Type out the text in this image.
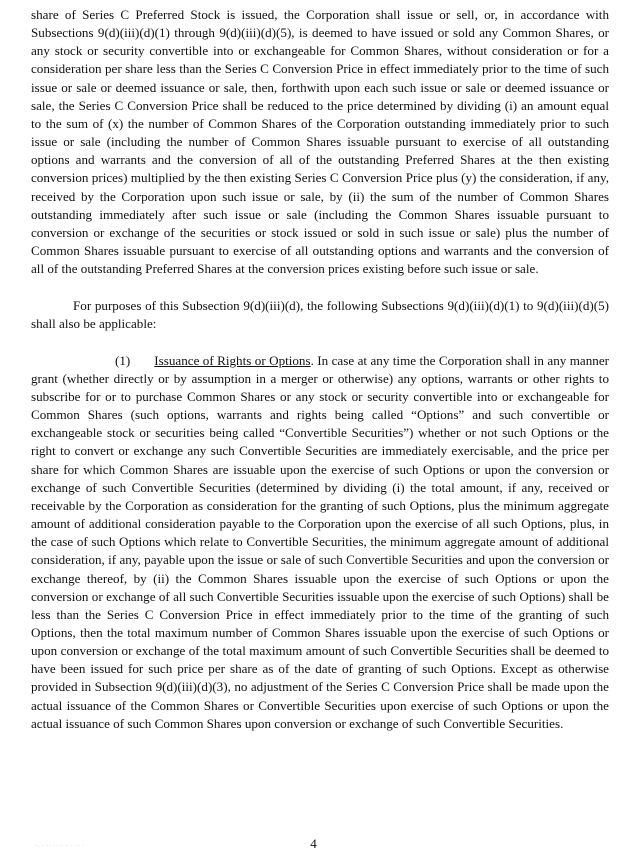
share of Series C Preferred Stock is issued, the Corporation shall issue or sell, or, in accordance with Subsections 9(d)(iii)(d)(1) through 9(d)(iii)(d)(5), is deemed to have issued or sold any Common Shares, or any stock or security convertible into or exchangeable for Common Shares, without consideration or for a consideration per share less than the Series C Conversion Price in effect immediately prior to the time of such issue or sale or deemed issuance or sale, then, forthwith upon each such issue or sale or deemed issuance or sale, the Series C Conversion Price shall be reduced to the price determined by dividing (i) an amount equal to the sum of (x) the number of Common Shares of the Corporation outstanding immediately prior to such issue or sale (including the number of Common Shares issuable pursuant to exercise of all outstanding options and warrants and the conversion of all of the outstanding Preferred Shares at the then existing conversion prices) multiplied by the then existing Series C Conversion Price plus (y) the consideration, if any, received by the Corporation upon such issue or sale, by (ii) the sum of the number of Common Shares outstanding immediately after such issue or sale (including the Common Shares issuable pursuant to conversion or exchange of the securities or stock issued or sold in such issue or sale) plus the number of Common Shares issuable pursuant to exercise of all outstanding options and warrants and the conversion of all of the outstanding Preferred Shares at the conversion prices existing before such issue or sale.

For purposes of this Subsection 9(d)(iii)(d), the following Subsections 9(d)(iii)(d)(1) to 9(d)(iii)(d)(5) shall also be applicable:

(1) Issuance of Rights or Options. In case at any time the Corporation shall in any manner grant (whether directly or by assumption in a merger or otherwise) any options, warrants or other rights to subscribe for or to purchase Common Shares or any stock or security convertible into or exchangeable for Common Shares (such options, warrants and rights being called “Options” and such convertible or exchangeable stock or securities being called “Convertible Securities”) whether or not such Options or the right to convert or exchange any such Convertible Securities are immediately exercisable, and the price per share for which Common Shares are issuable upon the exercise of such Options or upon the conversion or exchange of such Convertible Securities (determined by dividing (i) the total amount, if any, received or receivable by the Corporation as consideration for the granting of such Options, plus the minimum aggregate amount of additional consideration payable to the Corporation upon the exercise of all such Options, plus, in the case of such Options which relate to Convertible Securities, the minimum aggregate amount of additional consideration, if any, payable upon the issue or sale of such Convertible Securities and upon the conversion or exchange thereof, by (ii) the Common Shares issuable upon the exercise of such Options or upon the conversion or exchange of all such Convertible Securities issuable upon the exercise of such Options) shall be less than the Series C Conversion Price in effect immediately prior to the time of the granting of such Options, then the total maximum number of Common Shares issuable upon the exercise of such Options or upon conversion or exchange of the total maximum amount of such Convertible Securities shall be deemed to have been issued for such price per share as of the date of granting of such Options. Except as otherwise provided in Subsection 9(d)(iii)(d)(3), no adjustment of the Series C Conversion Price shall be made upon the actual issuance of the Common Shares or Convertible Securities upon exercise of such Options or upon the actual issuance of such Common Shares upon conversion or exchange of such Convertible Securities.

·. · ·· ·· · · · ·· ·	4
